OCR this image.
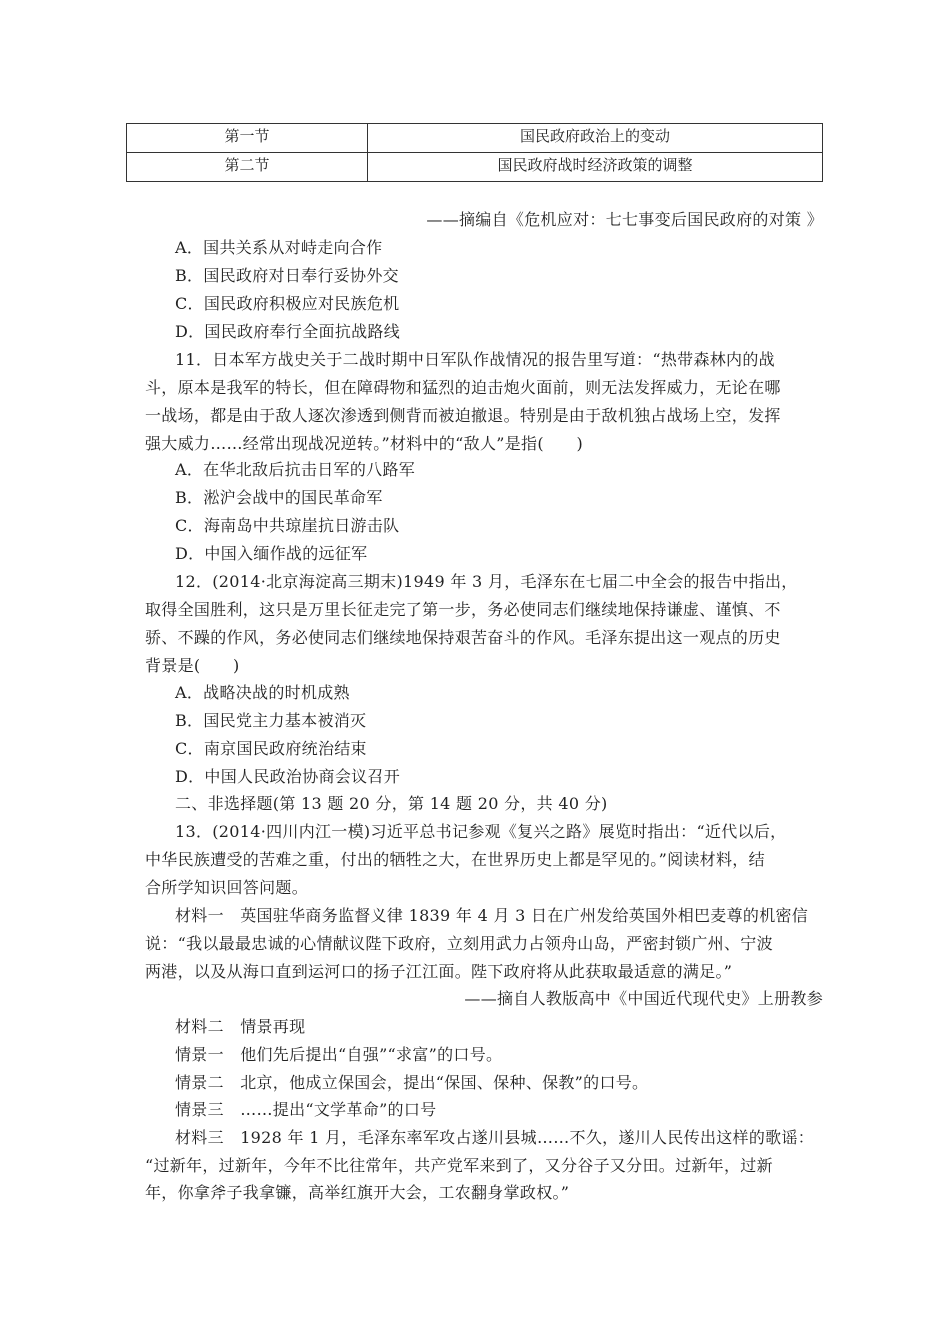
第一节	国民政府政治上的变动
第二节	国民政府战时经济政策的调整
——摘编自《危机应对：七七事变后国民政府的对策 》
A．国共关系从对峙走向合作
B．国民政府对日奉行妥协外交
C．国民政府积极应对民族危机
D．国民政府奉行全面抗战路线
11．日本军方战史关于二战时期中日军队作战情况的报告里写道：“热带森林内的战
斗，原本是我军的特长，但在障碍物和猛烈的迫击炮火面前，则无法发挥威力，无论在哪
一战场，都是由于敌人逐次渗透到侧背而被迫撤退。特别是由于敌机独占战场上空，发挥
强大威力……经常出现战况逆转。”材料中的“敌人”是指(　　)
A．在华北敌后抗击日军的八路军
B．淞沪会战中的国民革命军
C．海南岛中共琼崖抗日游击队
D．中国入缅作战的远征军
12．(2014·北京海淀高三期末)1949 年 3 月，毛泽东在七届二中全会的报告中指出，
取得全国胜利，这只是万里长征走完了第一步，务必使同志们继续地保持谦虚、谨慎、不
骄、不躁的作风，务必使同志们继续地保持艰苦奋斗的作风。毛泽东提出这一观点的历史
背景是(　　)
A．战略决战的时机成熟
B．国民党主力基本被消灭
C．南京国民政府统治结束
D．中国人民政治协商会议召开
二、非选择题(第 13 题 20 分，第 14 题 20 分，共 40 分)
13．(2014·四川内江一模)习近平总书记参观《复兴之路》展览时指出：“近代以后，
中华民族遭受的苦难之重，付出的牺牲之大，在世界历史上都是罕见的。”阅读材料，结
合所学知识回答问题。
材料一　英国驻华商务监督义律 1839 年 4 月 3 日在广州发给英国外相巴麦尊的机密信
说：“我以最最忠诚的心情献议陛下政府，立刻用武力占领舟山岛，严密封锁广州、宁波
两港，以及从海口直到运河口的扬子江江面。陛下政府将从此获取最适意的满足。”
——摘自人教版高中《中国近代现代史》上册教参
材料二　情景再现
情景一　他们先后提出“自强”“求富”的口号。
情景二　北京，他成立保国会，提出“保国、保种、保教”的口号。
情景三　……提出“文学革命”的口号
材料三　1928 年 1 月，毛泽东率军攻占遂川县城……不久，遂川人民传出这样的歌谣：
“过新年，过新年，今年不比往常年，共产党军来到了，又分谷子又分田。过新年，过新
年，你拿斧子我拿镰，高举红旗开大会，工农翻身掌政权。”
